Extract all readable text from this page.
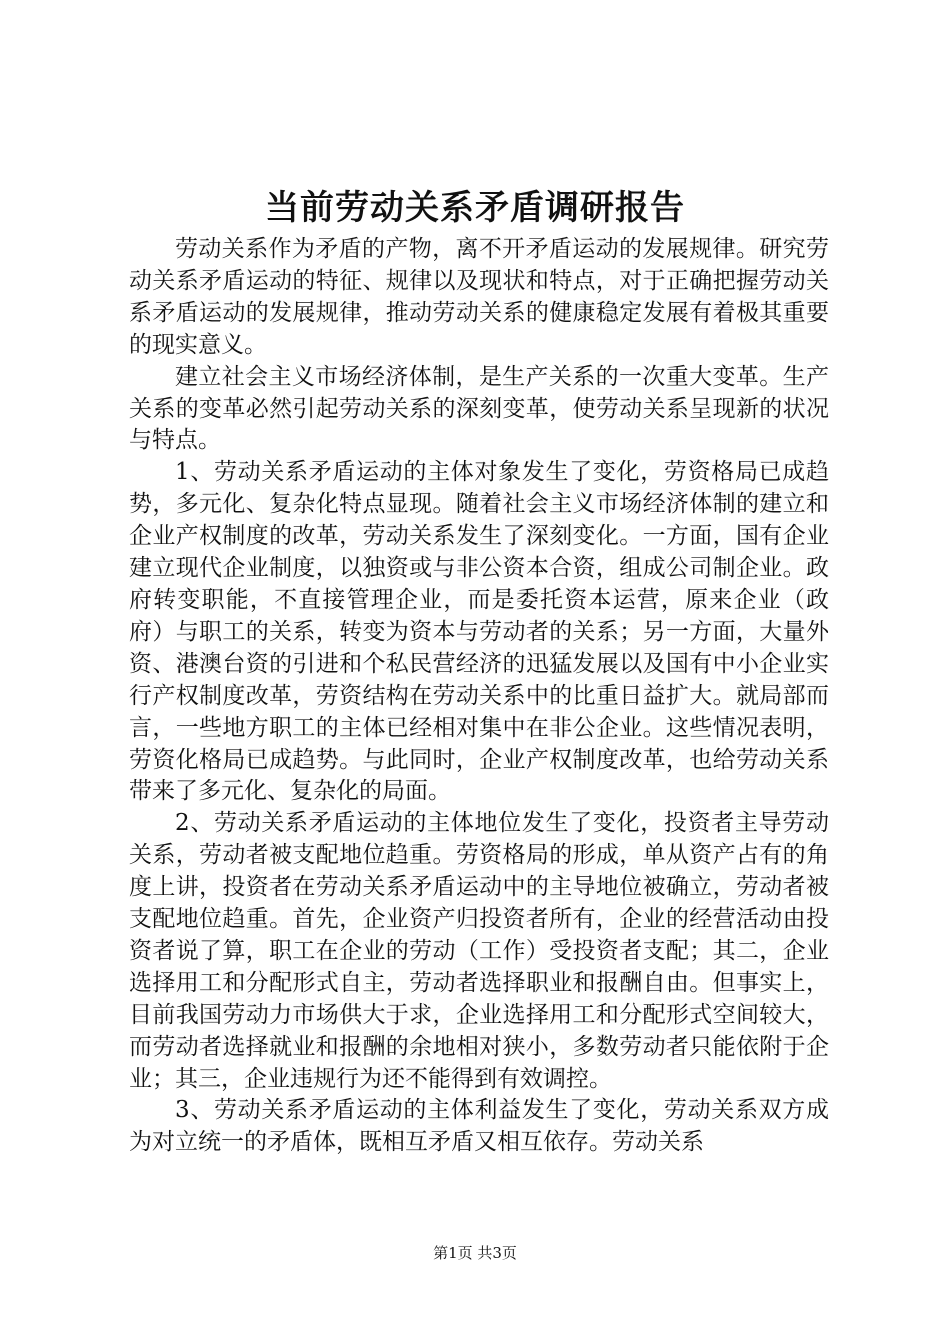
当前劳动关系矛盾调研报告

劳动关系作为矛盾的产物，离不开矛盾运动的发展规律。研究劳动关系矛盾运动的特征、规律以及现状和特点，对于正确把握劳动关系矛盾运动的发展规律，推动劳动关系的健康稳定发展有着极其重要的现实意义。

建立社会主义市场经济体制，是生产关系的一次重大变革。生产关系的变革必然引起劳动关系的深刻变革，使劳动关系呈现新的状况与特点。

1、劳动关系矛盾运动的主体对象发生了变化，劳资格局已成趋势，多元化、复杂化特点显现。随着社会主义市场经济体制的建立和企业产权制度的改革，劳动关系发生了深刻变化。一方面，国有企业建立现代企业制度，以独资或与非公资本合资，组成公司制企业。政府转变职能，不直接管理企业，而是委托资本运营，原来企业（政府）与职工的关系，转变为资本与劳动者的关系；另一方面，大量外资、港澳台资的引进和个私民营经济的迅猛发展以及国有中小企业实行产权制度改革，劳资结构在劳动关系中的比重日益扩大。就局部而言，一些地方职工的主体已经相对集中在非公企业。这些情况表明，劳资化格局已成趋势。与此同时，企业产权制度改革，也给劳动关系带来了多元化、复杂化的局面。

2、劳动关系矛盾运动的主体地位发生了变化，投资者主导劳动关系，劳动者被支配地位趋重。劳资格局的形成，单从资产占有的角度上讲，投资者在劳动关系矛盾运动中的主导地位被确立，劳动者被支配地位趋重。首先，企业资产归投资者所有，企业的经营活动由投资者说了算，职工在企业的劳动（工作）受投资者支配；其二，企业选择用工和分配形式自主，劳动者选择职业和报酬自由。但事实上，目前我国劳动力市场供大于求，企业选择用工和分配形式空间较大，而劳动者选择就业和报酬的余地相对狭小，多数劳动者只能依附于企业；其三，企业违规行为还不能得到有效调控。

3、劳动关系矛盾运动的主体利益发生了变化，劳动关系双方成为对立统一的矛盾体，既相互矛盾又相互依存。劳动关系

第1页 共3页
